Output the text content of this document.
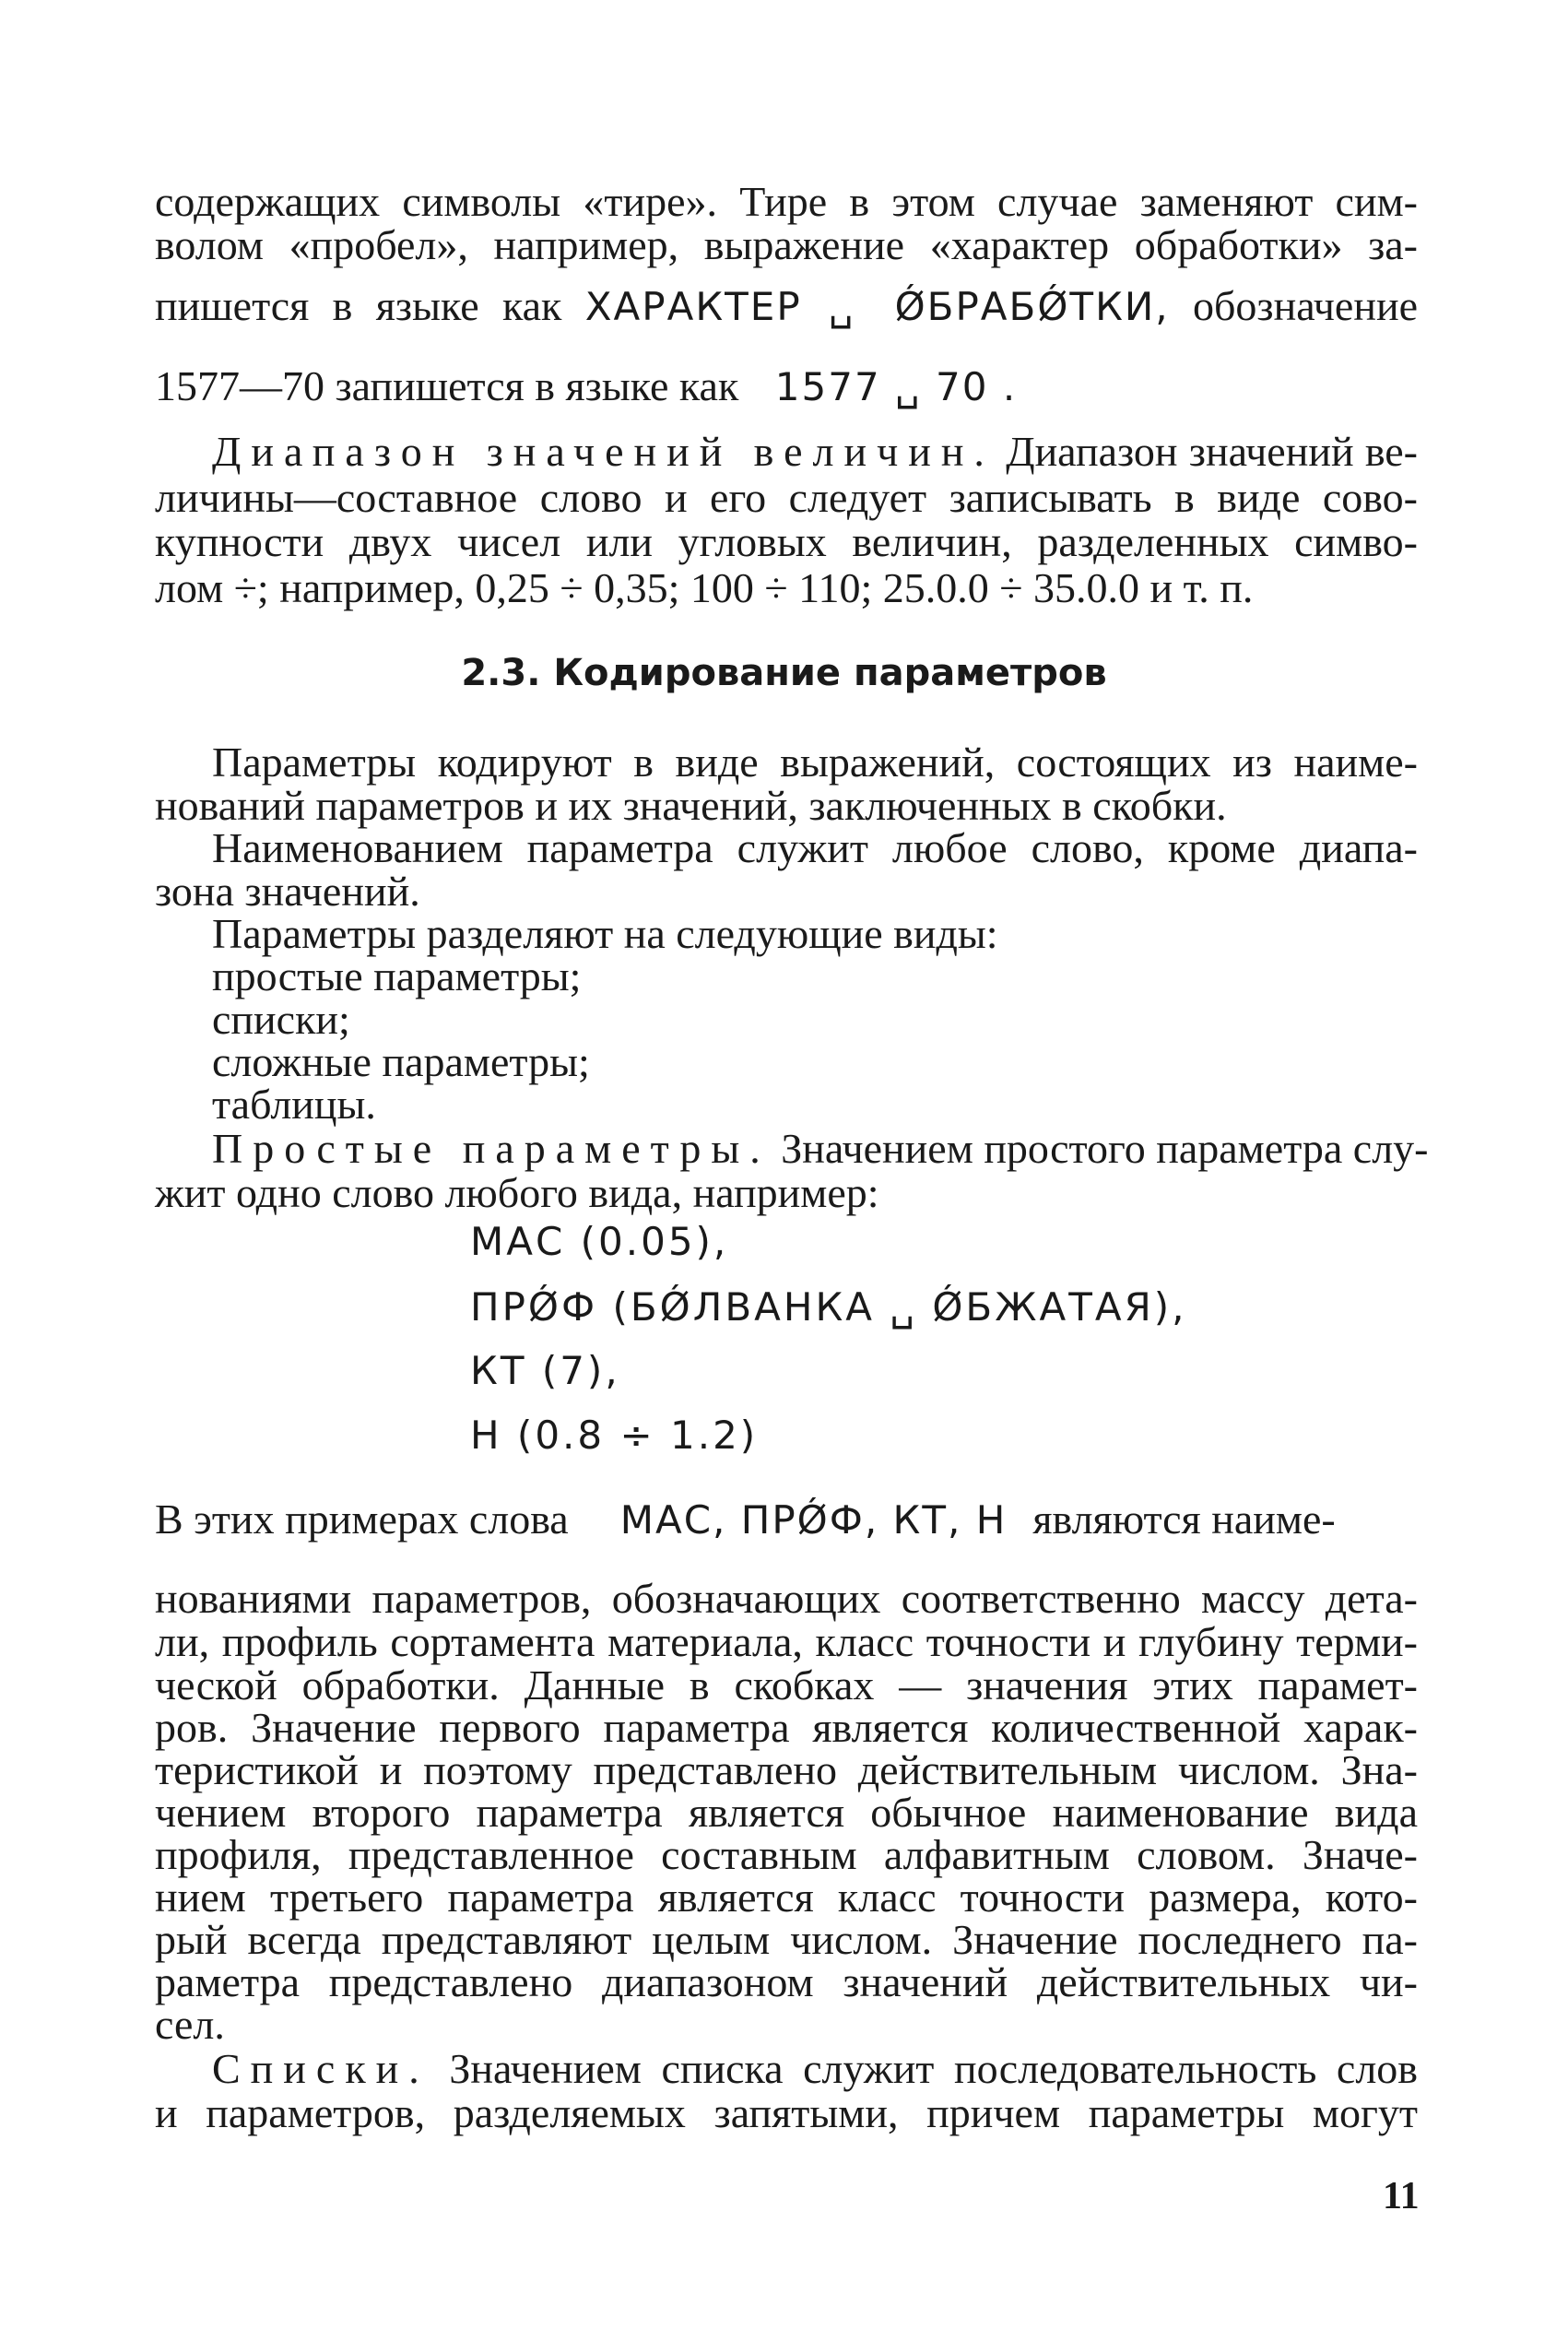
содержащих символы «тире». Тире в этом случае заменяют сим-
волом «пробел», например, выражение «характер обработки» за-
пишется в языке как ХАРАКТЕР ␣ ǾБРАБǾТКИ, обозначение
1577—70 запишется в языке как 1577 ␣ 70 .
Диапазон значений величин. Диапазон значений ве-
личины—составное слово и его следует записывать в виде сово-
купности двух чисел или угловых величин, разделенных симво-
лом ÷; например, 0,25 ÷ 0,35; 100 ÷ 110; 25.0.0 ÷ 35.0.0 и т. п.
2.3. Кодирование параметров
Параметры кодируют в виде выражений, состоящих из наиме-
нований параметров и их значений, заключенных в скобки.
Наименованием параметра служит любое слово, кроме диапа-
зона значений.
Параметры разделяют на следующие виды:
простые параметры;
списки;
сложные параметры;
таблицы.
Простые параметры. Значением простого параметра слу-
жит одно слово любого вида, например:
МАС (0.05),
ПРǾФ (БǾЛВАНКА ␣ ǾБЖАТАЯ),
КТ (7),
Н (0.8 ÷ 1.2)
В этих примерах слова МАС, ПРǾФ, КТ, Н являются наиме-
нованиями параметров, обозначающих соответственно массу дета-
ли, профиль сортамента материала, класс точности и глубину терми-
ческой обработки. Данные в скобках — значения этих парамет-
ров. Значение первого параметра является количественной харак-
теристикой и поэтому представлено действительным числом. Зна-
чением второго параметра является обычное наименование вида
профиля, представленное составным алфавитным словом. Значе-
нием третьего параметра является класс точности размера, кото-
рый всегда представляют целым числом. Значение последнего па-
раметра представлено диапазоном значений действительных чи-
сел.
Списки. Значением списка служит последовательность слов
и параметров, разделяемых запятыми, причем параметры могут
11
